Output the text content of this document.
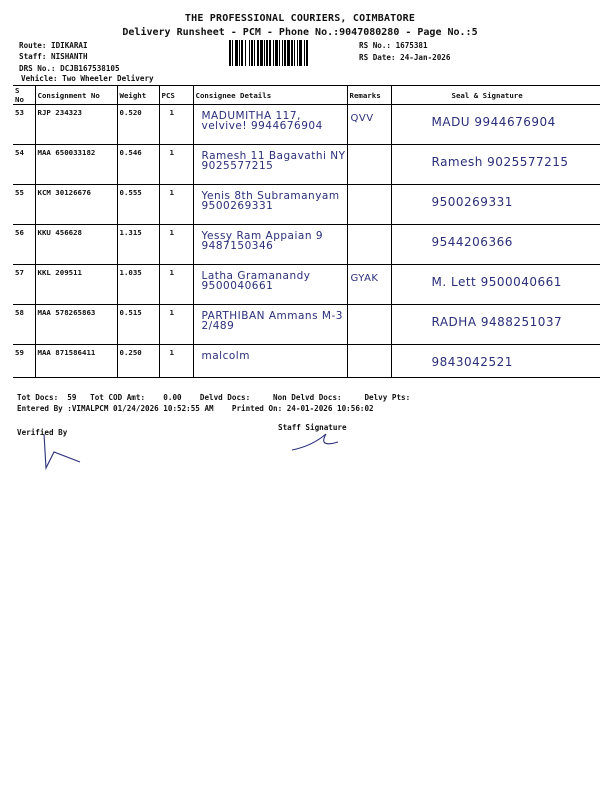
THE PROFESSIONAL COURIERS, COIMBATORE
Delivery Runsheet - PCM - Phone No.:9047080280 - Page No.:5
Route: IDIKARAI
Staff: NISHANTH
DRS No.: DCJB167538105
Vehicle: Two Wheeler Delivery
RS No.: 1675381
RS Date: 24-Jan-2026
S No	Consignment No	Weight	PCS	Consignee Details	Remarks	Seal & Signature
53	RJP 234323	0.520	1	MADUMITHA 117, velvive! 9944676904	QVV	MADU 9944676904

54	MAA 650033182	0.546	1	Ramesh 11 Bagavathi NY 9025577215		Ramesh 9025577215

55	KCM 30126676	0.555	1	Yenis 8th Subramanyam 9500269331		9500269331

56	KKU 456628	1.315	1	Yessy Ram Appaian 9 9487150346		9544206366

57	KKL 209511	1.035	1	Latha Gramanandy 9500040661	GYAK	M. Lett 9500040661

58	MAA 578265863	0.515	1	PARTHIBAN Ammans M-3 2/489		RADHA 9488251037

59	MAA 871586411	0.250	1	malcolm		9843042521
Tot Docs:  59   Tot COD Amt:    0.00    Delvd Docs:     Non Delvd Docs:     Delvy Pts:
Entered By :VIMALPCM 01/24/2026 10:52:55 AM    Printed On: 24-01-2026 10:56:02
Verified By
Staff Signature
